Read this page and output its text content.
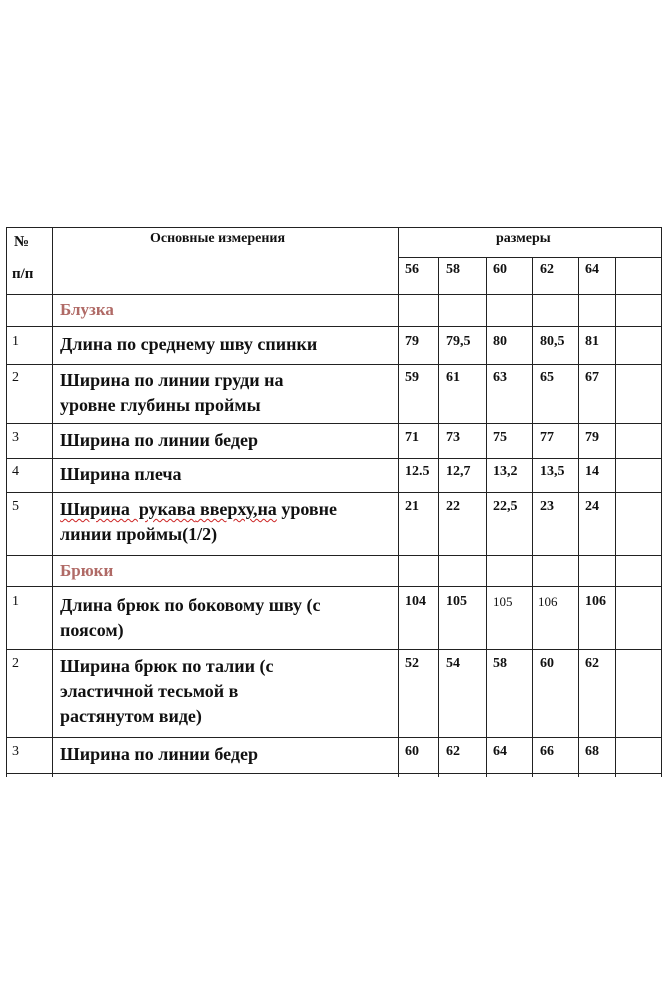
№
п/п
Основные измерения	размеры
56 58 60 62 64
Блузка
1 Длина по среднему шву спинки	79 79,5 80 80,5 81
2 Ширина по линии груди на
уровне глубины проймы
59 61 63 65 67
3 Ширина по линии бедер	71 73 75 77 79
4 Ширина плеча	12.5 12,7 13,2 13,5 14
5 Ширина  рукава вверху,на уровне
линии проймы(1/2)
21 22 22,5 23 24
Брюки
1 Длина брюк по боковому шву (с
поясом)
104 105 105 106 106
2 Ширина брюк по талии (с
эластичной тесьмой в
растянутом виде)
52 54 58 60 62
3 Ширина по линии бедер	60 62 64 66 68
